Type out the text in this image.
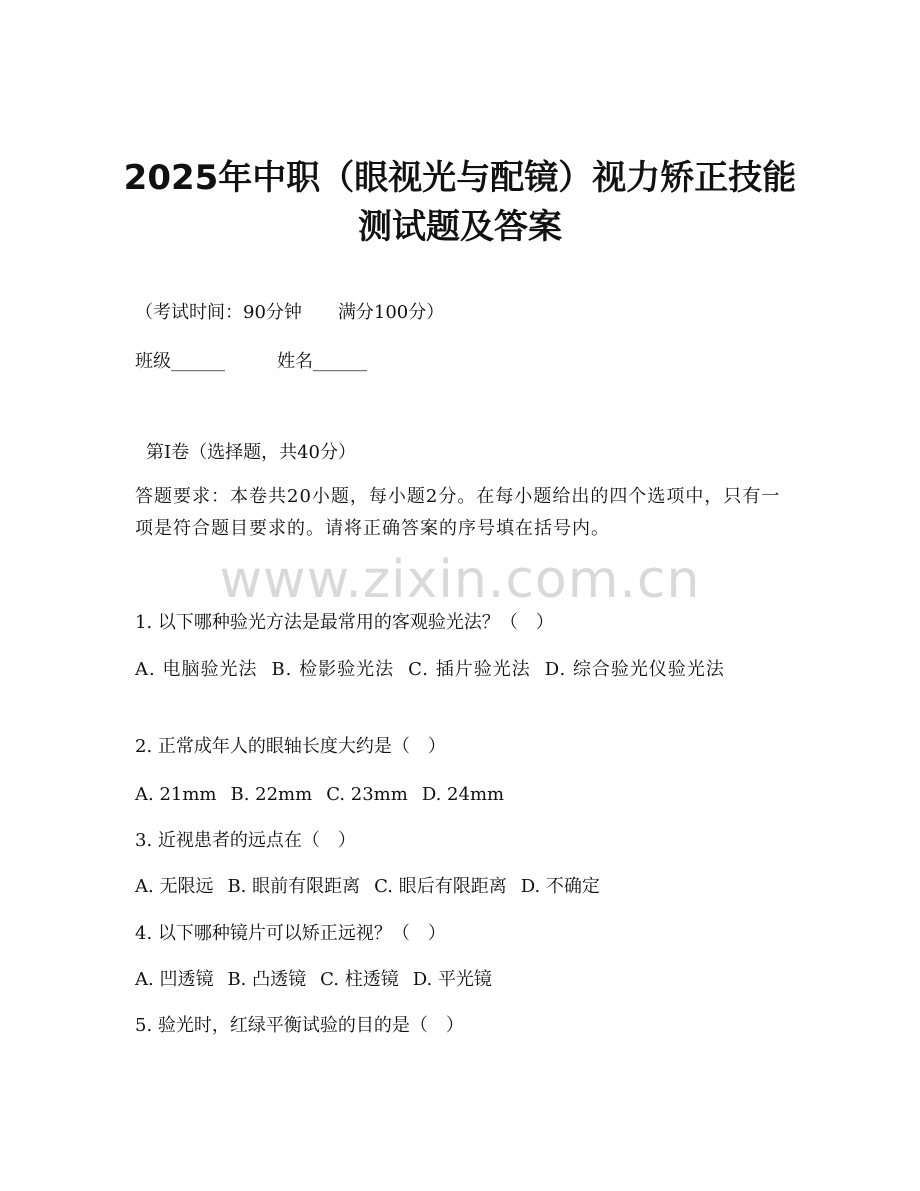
2025年中职（眼视光与配镜）视力矫正技能
测试题及答案
（考试时间：90分钟　　满分100分）
班级______	姓名______
第I卷（选择题，共40分）
答题要求：本卷共20小题，每小题2分。在每小题给出的四个选项中，只有一项是符合题目要求的。请将正确答案的序号填在括号内。
www.zixin.com.cn
1. 以下哪种验光方法是最常用的客观验光法？（　）
A. 电脑验光法 B. 检影验光法 C. 插片验光法 D. 综合验光仪验光法
2. 正常成年人的眼轴长度大约是（　）
A. 21mm B. 22mm C. 23mm D. 24mm
3. 近视患者的远点在（　）
A. 无限远 B. 眼前有限距离 C. 眼后有限距离 D. 不确定
4. 以下哪种镜片可以矫正远视？（　）
A. 凹透镜 B. 凸透镜 C. 柱透镜 D. 平光镜
5. 验光时，红绿平衡试验的目的是（　）
